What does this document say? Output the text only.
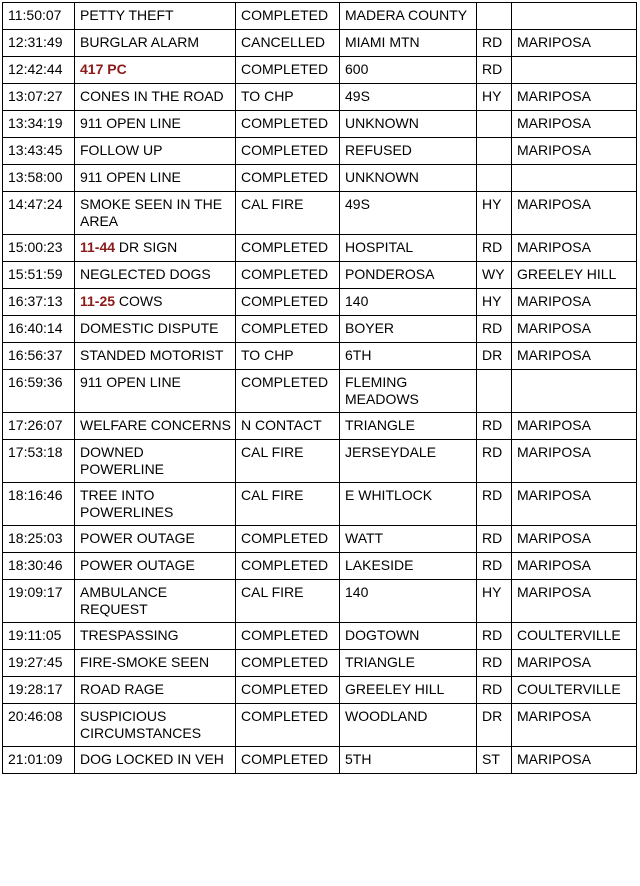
11:50:07	PETTY THEFT	COMPLETED	MADERA COUNTY		
12:31:49	BURGLAR ALARM	CANCELLED	MIAMI MTN	RD	MARIPOSA
12:42:44	417 PC	COMPLETED	600	RD	
13:07:27	CONES IN THE ROAD	TO CHP	49S	HY	MARIPOSA
13:34:19	911 OPEN LINE	COMPLETED	UNKNOWN		MARIPOSA
13:43:45	FOLLOW UP	COMPLETED	REFUSED		MARIPOSA
13:58:00	911 OPEN LINE	COMPLETED	UNKNOWN		
14:47:24	SMOKE SEEN IN THE AREA	CAL FIRE	49S	HY	MARIPOSA
15:00:23	11-44 DR SIGN	COMPLETED	HOSPITAL	RD	MARIPOSA
15:51:59	NEGLECTED DOGS	COMPLETED	PONDEROSA	WY	GREELEY HILL
16:37:13	11-25 COWS	COMPLETED	140	HY	MARIPOSA
16:40:14	DOMESTIC DISPUTE	COMPLETED	BOYER	RD	MARIPOSA
16:56:37	STANDED MOTORIST	TO CHP	6TH	DR	MARIPOSA
16:59:36	911 OPEN LINE	COMPLETED	FLEMING MEADOWS		
17:26:07	WELFARE CONCERNS	N CONTACT	TRIANGLE	RD	MARIPOSA
17:53:18	DOWNED POWERLINE	CAL FIRE	JERSEYDALE	RD	MARIPOSA
18:16:46	TREE INTO POWERLINES	CAL FIRE	E WHITLOCK	RD	MARIPOSA
18:25:03	POWER OUTAGE	COMPLETED	WATT	RD	MARIPOSA
18:30:46	POWER OUTAGE	COMPLETED	LAKESIDE	RD	MARIPOSA
19:09:17	AMBULANCE REQUEST	CAL FIRE	140	HY	MARIPOSA
19:11:05	TRESPASSING	COMPLETED	DOGTOWN	RD	COULTERVILLE
19:27:45	FIRE-SMOKE SEEN	COMPLETED	TRIANGLE	RD	MARIPOSA
19:28:17	ROAD RAGE	COMPLETED	GREELEY HILL	RD	COULTERVILLE
20:46:08	SUSPICIOUS CIRCUMSTANCES	COMPLETED	WOODLAND	DR	MARIPOSA
21:01:09	DOG LOCKED IN VEH	COMPLETED	5TH	ST	MARIPOSA
